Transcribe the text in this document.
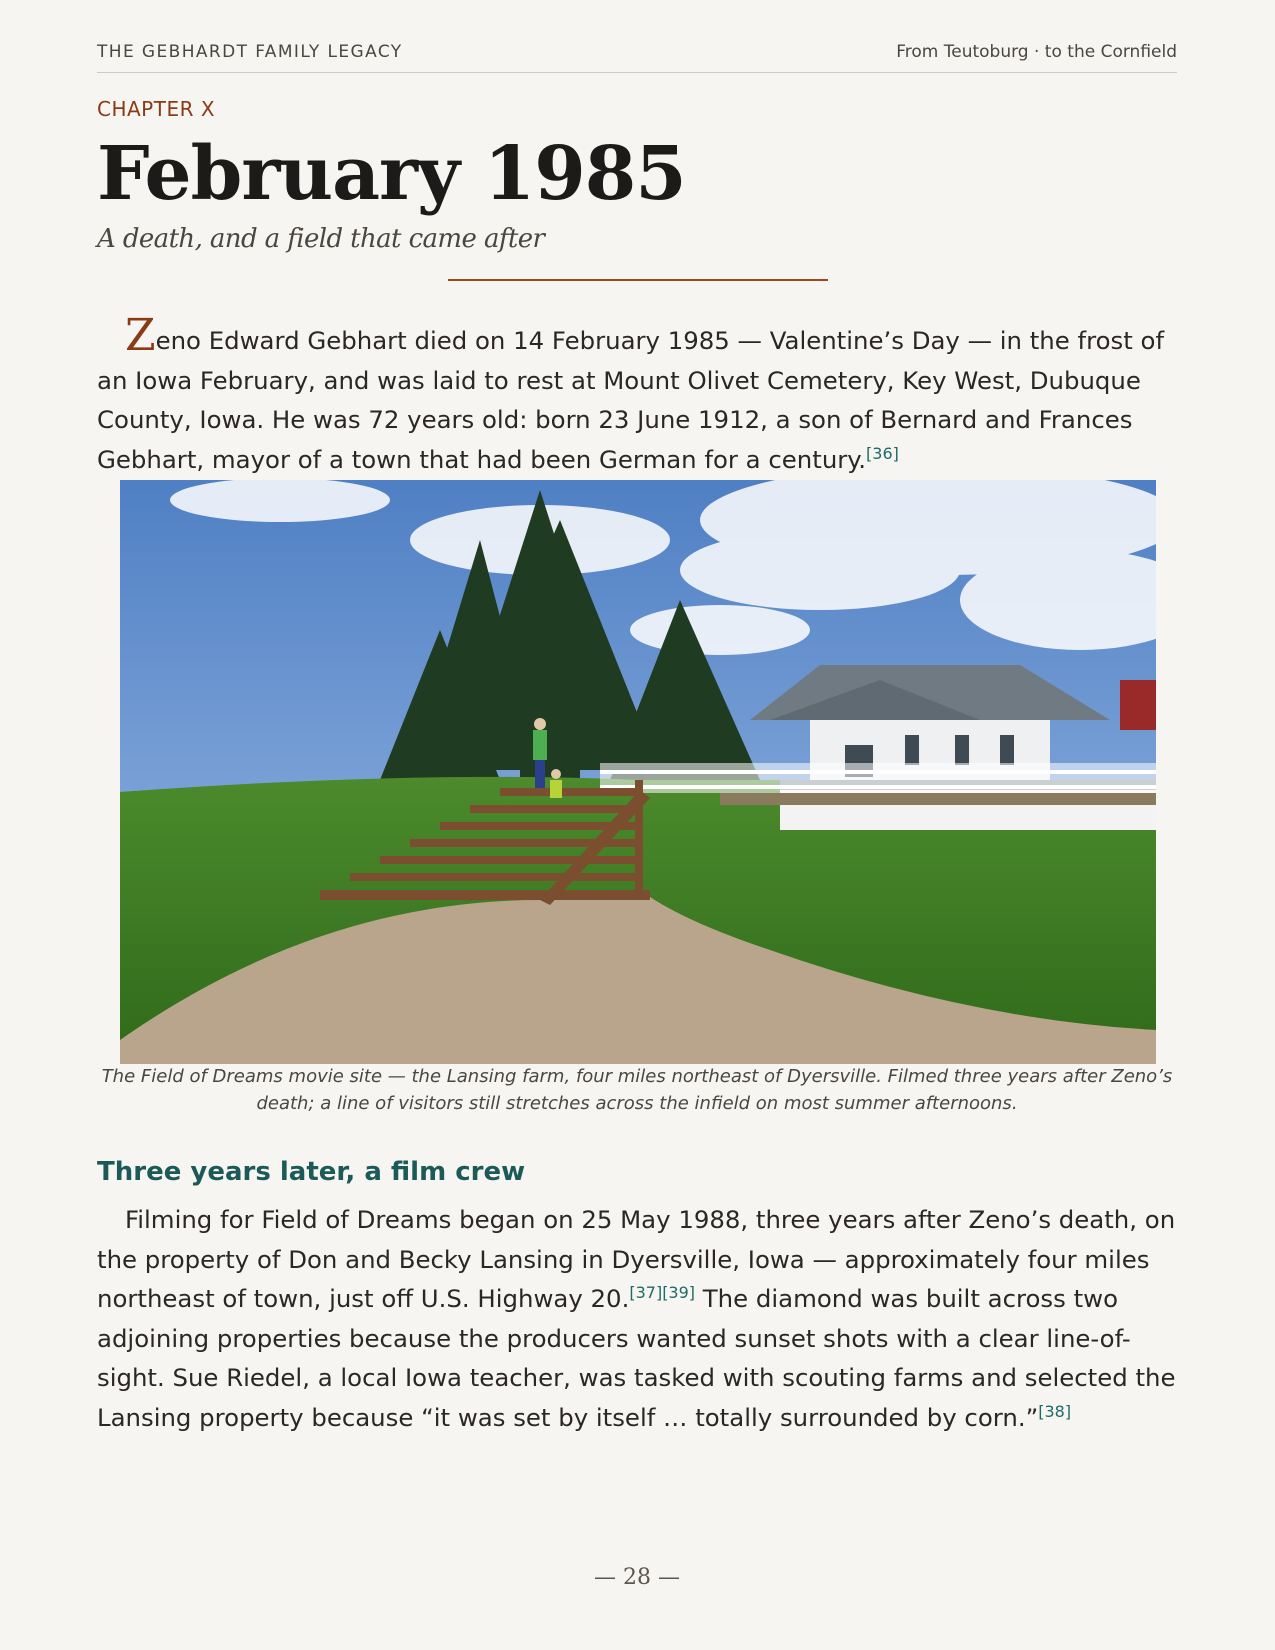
THE GEBHARDT FAMILY LEGACY	From Teutoburg · to the Cornfield
CHAPTER X
February 1985
A death, and a field that came after

Zeno Edward Gebhart died on 14 February 1985 — Valentine’s Day — in the frost of an Iowa February, and was laid to rest at Mount Olivet Cemetery, Key West, Dubuque County, Iowa. He was 72 years old: born 23 June 1912, a son of Bernard and Frances Gebhart, mayor of a town that had been German for a century.[36]

The Field of Dreams movie site — the Lansing farm, four miles northeast of Dyersville. Filmed three years after Zeno’s death; a line of visitors still stretches across the infield on most summer afternoons.
Three years later, a film crew

Filming for Field of Dreams began on 25 May 1988, three years after Zeno’s death, on the property of Don and Becky Lansing in Dyersville, Iowa — approximately four miles northeast of town, just off U.S. Highway 20.[37][39] The diamond was built across two adjoining properties because the producers wanted sunset shots with a clear line-of-sight. Sue Riedel, a local Iowa teacher, was tasked with scouting farms and selected the Lansing property because “it was set by itself … totally surrounded by corn.”[38]

— 28 —
